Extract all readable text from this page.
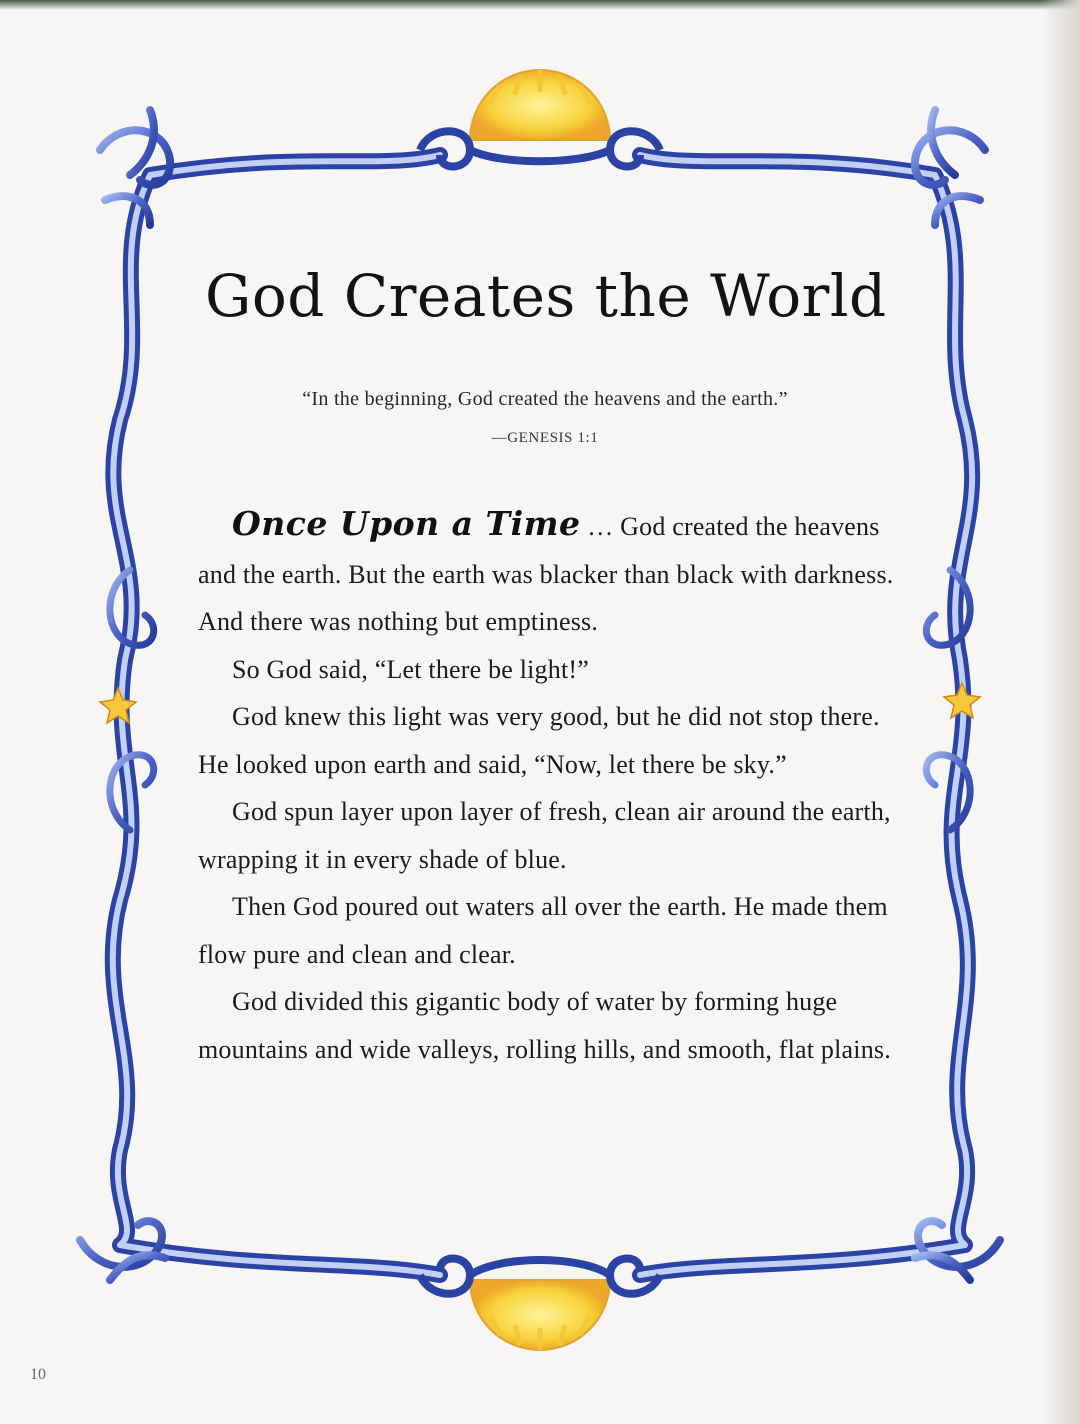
God Creates the World
“In the beginning, God created the heavens and the earth.”
—GENESIS 1:1

Once Upon a Time … God created the heavens and the earth. But the earth was blacker than black with darkness. And there was nothing but emptiness.

So God said, “Let there be light!”

God knew this light was very good, but he did not stop there. He looked upon earth and said, “Now, let there be sky.”

God spun layer upon layer of fresh, clean air around the earth, wrapping it in every shade of blue.

Then God poured out waters all over the earth. He made them flow pure and clean and clear.

God divided this gigantic body of water by forming huge mountains and wide valleys, rolling hills, and smooth, flat plains.

10
